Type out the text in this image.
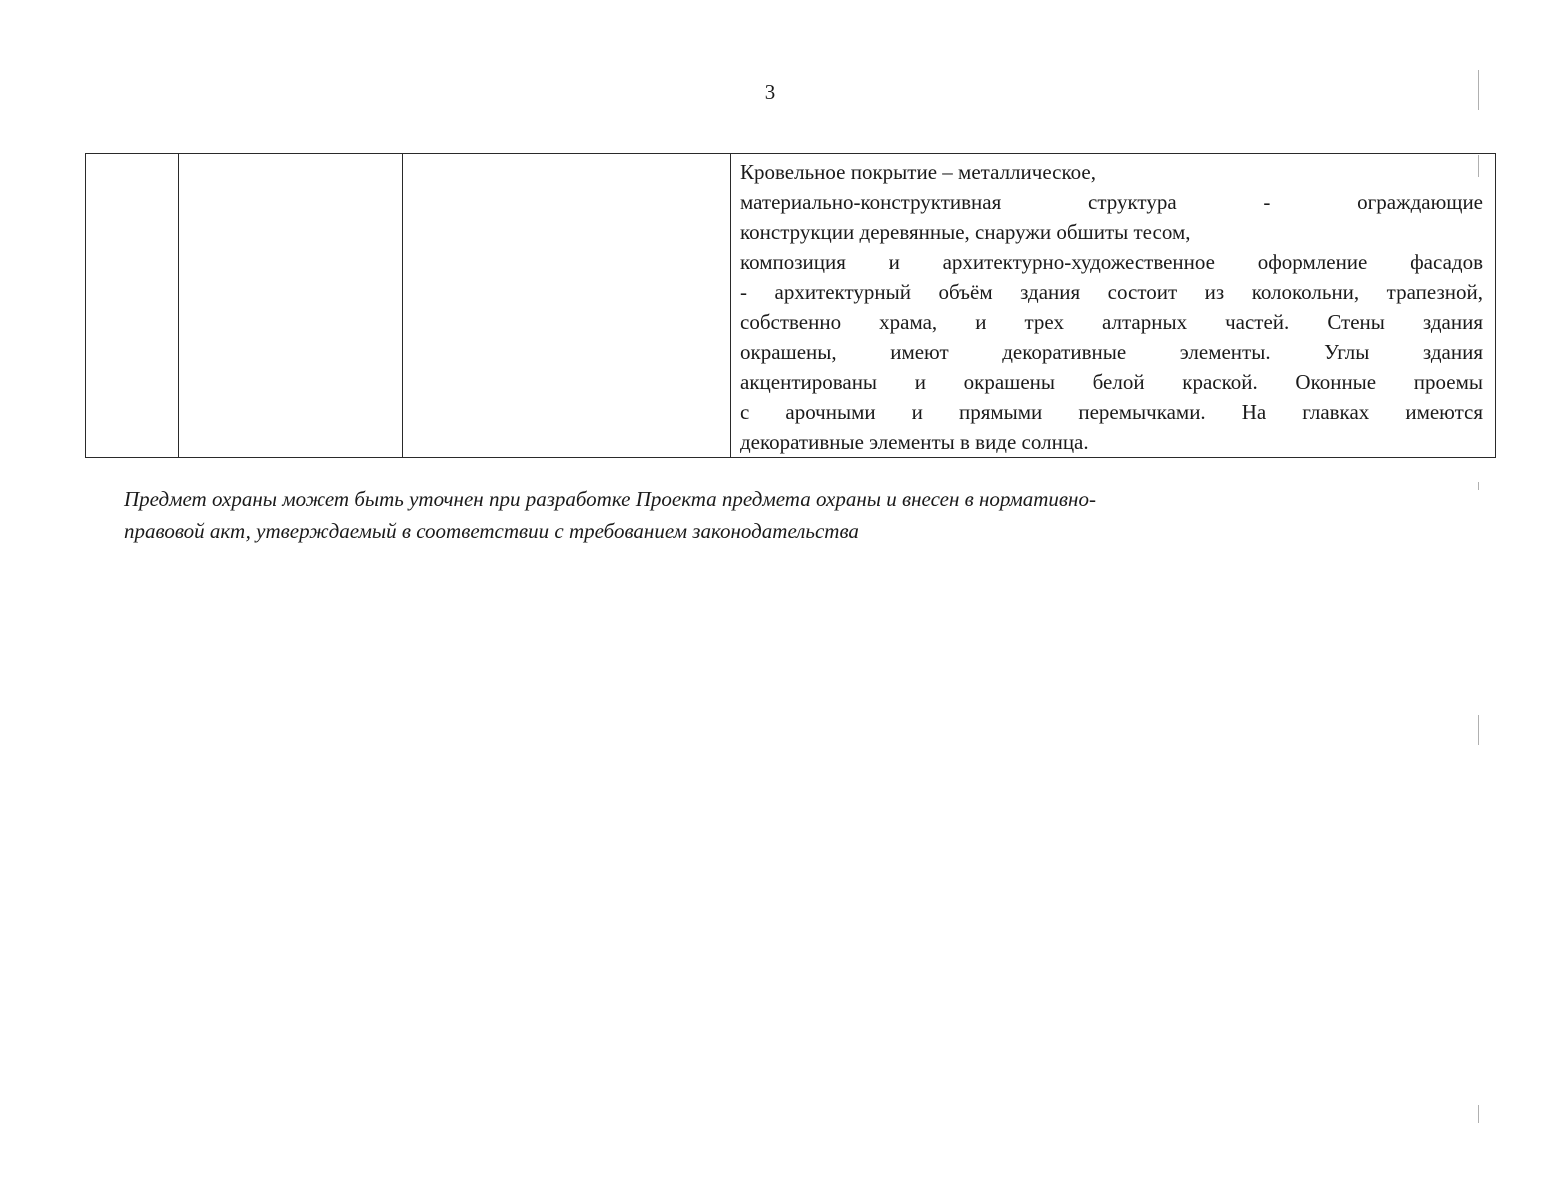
3

Кровельное покрытие – металлическое,
материально-конструктивная структура - ограждающие
конструкции деревянные, снаружи обшиты тесом,
композиция и архитектурно-художественное оформление фасадов
- архитектурный объём здания состоит из колокольни, трапезной,
собственно храма, и трех алтарных частей. Стены здания
окрашены, имеют декоративные элементы. Углы здания
акцентированы и окрашены белой краской. Оконные проемы
с арочными и прямыми перемычками. На главках имеются
декоративные элементы в виде солнца.
Предмет охраны может быть уточнен при разработке Проекта предмета охраны и внесен в нормативно-
правовой акт, утверждаемый в соответствии с требованием законодательства
